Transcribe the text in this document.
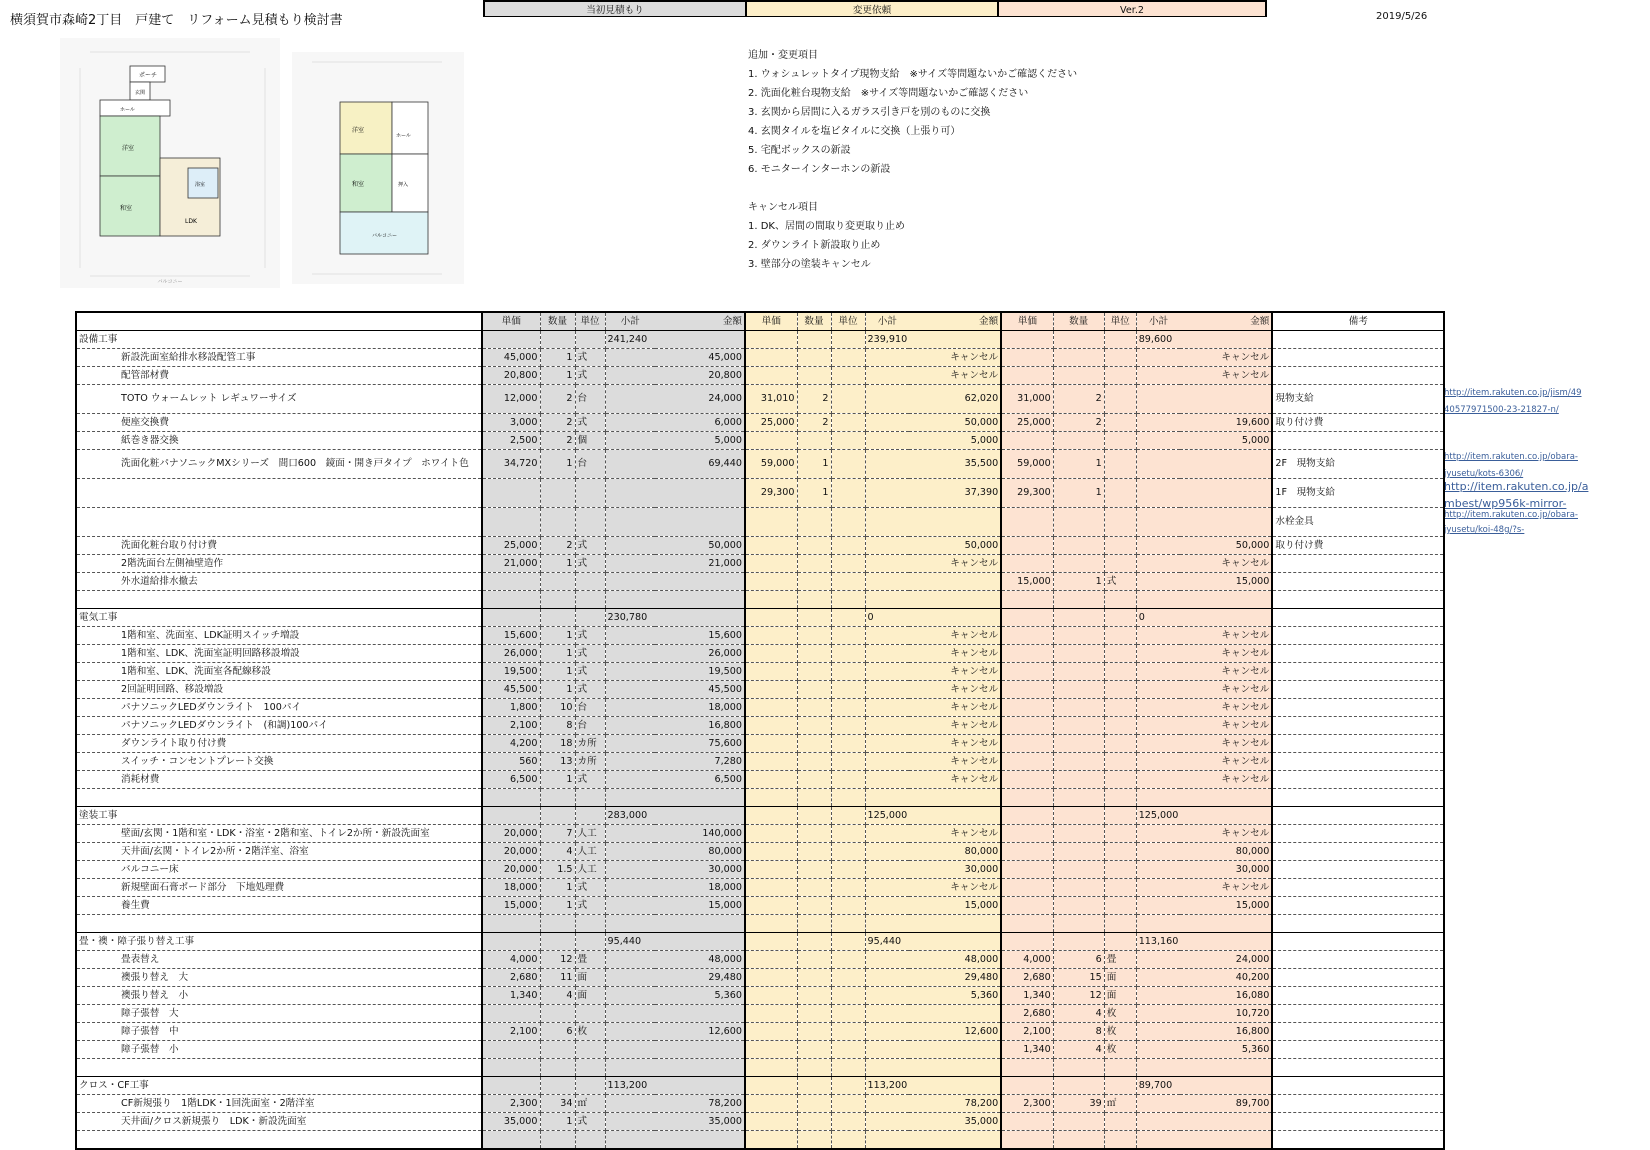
横須賀市森崎2丁目　戸建て　リフォーム見積もり検討書	2019/5/26
ポーチ
玄関
ホール
洋室
和室
LDK
浴室
バルコニー
洋室
ホール
和室	押入
バルコニー
追加・変更項目
1. ウォシュレットタイプ現物支給　※サイズ等問題ないかご確認ください
2. 洗面化粧台現物支給　※サイズ等問題ないかご確認ください
3. 玄関から居間に入るガラス引き戸を別のものに交換
4. 玄関タイルを塩ビタイルに交換（上張り可）
5. 宅配ボックスの新設
6. モニターインターホンの新設
キャンセル項目
1. DK、居間の間取り変更取り止め
2. ダウンライト新設取り止め
3. 壁部分の塗装キャンセル
http://item.rakuten.co.jp/jism/49
40577971500-23-21827-n/
http://item.rakuten.co.jp/obara-
jyusetu/kots-6306/
http://item.rakuten.co.jp/a
mbest/wp956k-mirror-
http://item.rakuten.co.jp/obara-
jyusetu/koi-48g/?s-
当初見積もり	変更依頼	Ver.2
	単価	数量	単位	小計	金額	単価	数量	単位	小計	金額	単価	数量	単位	小計	金額	備考
設備工事				241,240					239,910					89,600		
新設洗面室給排水移設配管工事	45,000	1	式		45,000					キャンセル					キャンセル	
配管部材費	20,800	1	式		20,800					キャンセル					キャンセル	
TOTO ウォームレット レギュワーサイズ	12,000	2	台		24,000	31,010	2			62,020	31,000	2				現物支給
便座交換費	3,000	2	式		6,000	25,000	2			50,000	25,000	2			19,600	取り付け費
紙巻き器交換	2,500	2	個		5,000					5,000					5,000	
洗面化粧パナソニックMXシリーズ　間口600　鏡面・開き戸タイプ　ホワイト色	34,720	1	台		69,440	59,000	1			35,500	59,000	1				2F　現物支給
						29,300	1			37,390	29,300	1				1F　現物支給
																水栓金具
洗面化粧台取り付け費	25,000	2	式		50,000					50,000					50,000	取り付け費
2階洗面台左側袖壁造作	21,000	1	式		21,000					キャンセル					キャンセル	
外水道給排水撤去											15,000	1	式		15,000	

電気工事				230,780					0					0		
1階和室、洗面室、LDK証明スイッチ増設	15,600	1	式		15,600					キャンセル					キャンセル	
1階和室、LDK、洗面室証明回路移設増設	26,000	1	式		26,000					キャンセル					キャンセル	
1階和室、LDK、洗面室各配線移設	19,500	1	式		19,500					キャンセル					キャンセル	
2回証明回路、移設増設	45,500	1	式		45,500					キャンセル					キャンセル	
パナソニックLEDダウンライト　100パイ	1,800	10	台		18,000					キャンセル					キャンセル	
パナソニックLEDダウンライト　(和調)100パイ	2,100	8	台		16,800					キャンセル					キャンセル	
ダウンライト取り付け費	4,200	18	カ所		75,600					キャンセル					キャンセル	
スイッチ・コンセントプレート交換	560	13	カ所		7,280					キャンセル					キャンセル	
消耗材費	6,500	1	式		6,500					キャンセル					キャンセル	

塗装工事				283,000					125,000					125,000		
壁面/玄関・1階和室・LDK・浴室・2階和室、トイレ2か所・新設洗面室	20,000	7	人工		140,000					キャンセル					キャンセル	
天井面/玄関・トイレ2か所・2階洋室、浴室	20,000	4	人工		80,000					80,000					80,000	
バルコニー床	20,000	1.5	人工		30,000					30,000					30,000	
新規壁面石膏ボード部分　下地処理費	18,000	1	式		18,000					キャンセル					キャンセル	
養生費	15,000	1	式		15,000					15,000					15,000	

畳・襖・障子張り替え工事				95,440					95,440					113,160		
畳表替え	4,000	12	畳		48,000					48,000	4,000	6	畳		24,000	
襖張り替え　大	2,680	11	面		29,480					29,480	2,680	15	面		40,200	
襖張り替え　小	1,340	4	面		5,360					5,360	1,340	12	面		16,080	
障子張替　大											2,680	4	枚		10,720	
障子張替　中	2,100	6	枚		12,600					12,600	2,100	8	枚		16,800	
障子張替　小											1,340	4	枚		5,360	

クロス・CF工事				113,200					113,200					89,700		
CF新規張り　1階LDK・1回洗面室・2階洋室	2,300	34	㎡		78,200					78,200	2,300	39	㎡		89,700	
天井面/クロス新規張り　LDK・新設洗面室	35,000	1	式		35,000					35,000						
